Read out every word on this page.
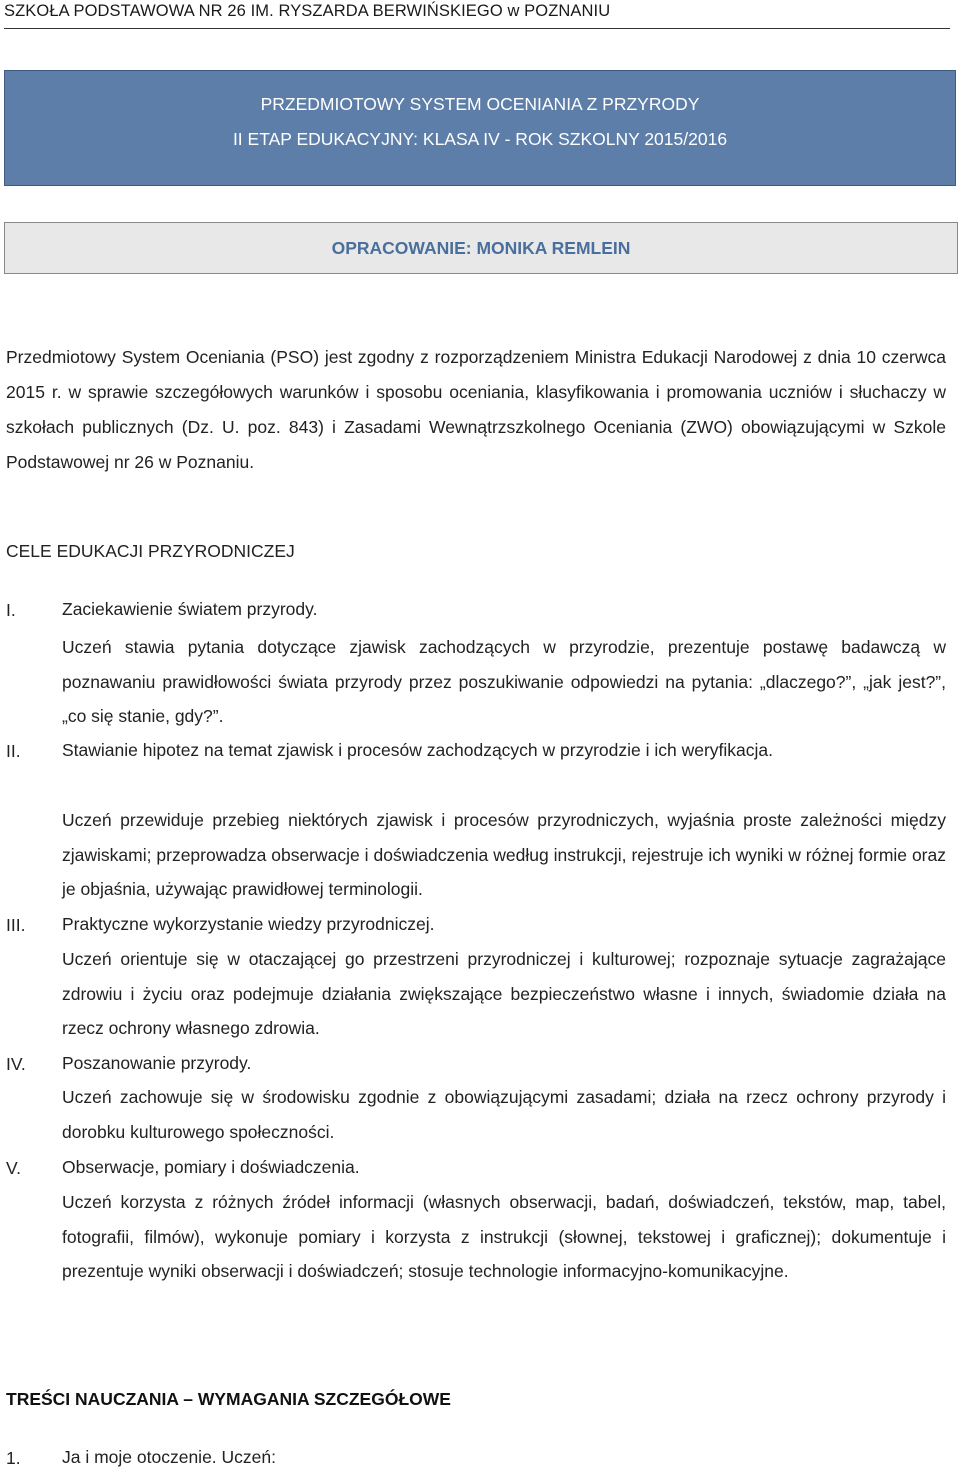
SZKOŁA PODSTAWOWA NR 26 IM. RYSZARDA BERWIŃSKIEGO w POZNANIU
PRZEDMIOTOWY SYSTEM OCENIANIA Z PRZYRODY
II ETAP EDUKACYJNY: KLASA IV - ROK SZKOLNY 2015/2016
OPRACOWANIE: MONIKA REMLEIN
Przedmiotowy System Oceniania (PSO) jest zgodny z rozporządzeniem Ministra Edukacji Narodowej z dnia 10 czerwca 2015 r. w sprawie szczegółowych warunków i sposobu oceniania, klasyfikowania i promowania uczniów i słuchaczy w szkołach publicznych (Dz. U. poz. 843) i Zasadami Wewnątrzszkolnego Oceniania (ZWO) obowiązującymi w Szkole Podstawowej nr 26 w Poznaniu.
CELE EDUKACJI PRZYRODNICZEJ
I.	Zaciekawienie światem przyrody.
Uczeń stawia pytania dotyczące zjawisk zachodzących w przyrodzie, prezentuje postawę badawczą w poznawaniu prawidłowości świata przyrody przez poszukiwanie odpowiedzi na pytania: „dlaczego?”, „jak jest?”, „co się stanie, gdy?”.
II. Stawianie hipotez na temat zjawisk i procesów zachodzących w przyrodzie i ich weryfikacja.
Uczeń przewiduje przebieg niektórych zjawisk i procesów przyrodniczych, wyjaśnia proste zależności między zjawiskami; przeprowadza obserwacje i doświadczenia według instrukcji, rejestruje ich wyniki w różnej formie oraz je objaśnia, używając prawidłowej terminologii.
III. Praktyczne wykorzystanie wiedzy przyrodniczej.
Uczeń orientuje się w otaczającej go przestrzeni przyrodniczej i kulturowej; rozpoznaje sytuacje zagrażające zdrowiu i życiu oraz podejmuje działania zwiększające bezpieczeństwo własne i innych, świadomie działa na rzecz ochrony własnego zdrowia.
IV. Poszanowanie przyrody.
Uczeń zachowuje się w środowisku zgodnie z obowiązującymi zasadami; działa na rzecz ochrony przyrody i dorobku kulturowego społeczności.
V. Obserwacje, pomiary i doświadczenia.
Uczeń korzysta z różnych źródeł informacji (własnych obserwacji, badań, doświadczeń, tekstów, map, tabel, fotografii, filmów), wykonuje pomiary i korzysta z instrukcji (słownej, tekstowej i graficznej); dokumentuje i prezentuje wyniki obserwacji i doświadczeń; stosuje technologie informacyjno-komunikacyjne.
TREŚCI NAUCZANIA – WYMAGANIA SZCZEGÓŁOWE
1. Ja i moje otoczenie. Uczeń:
